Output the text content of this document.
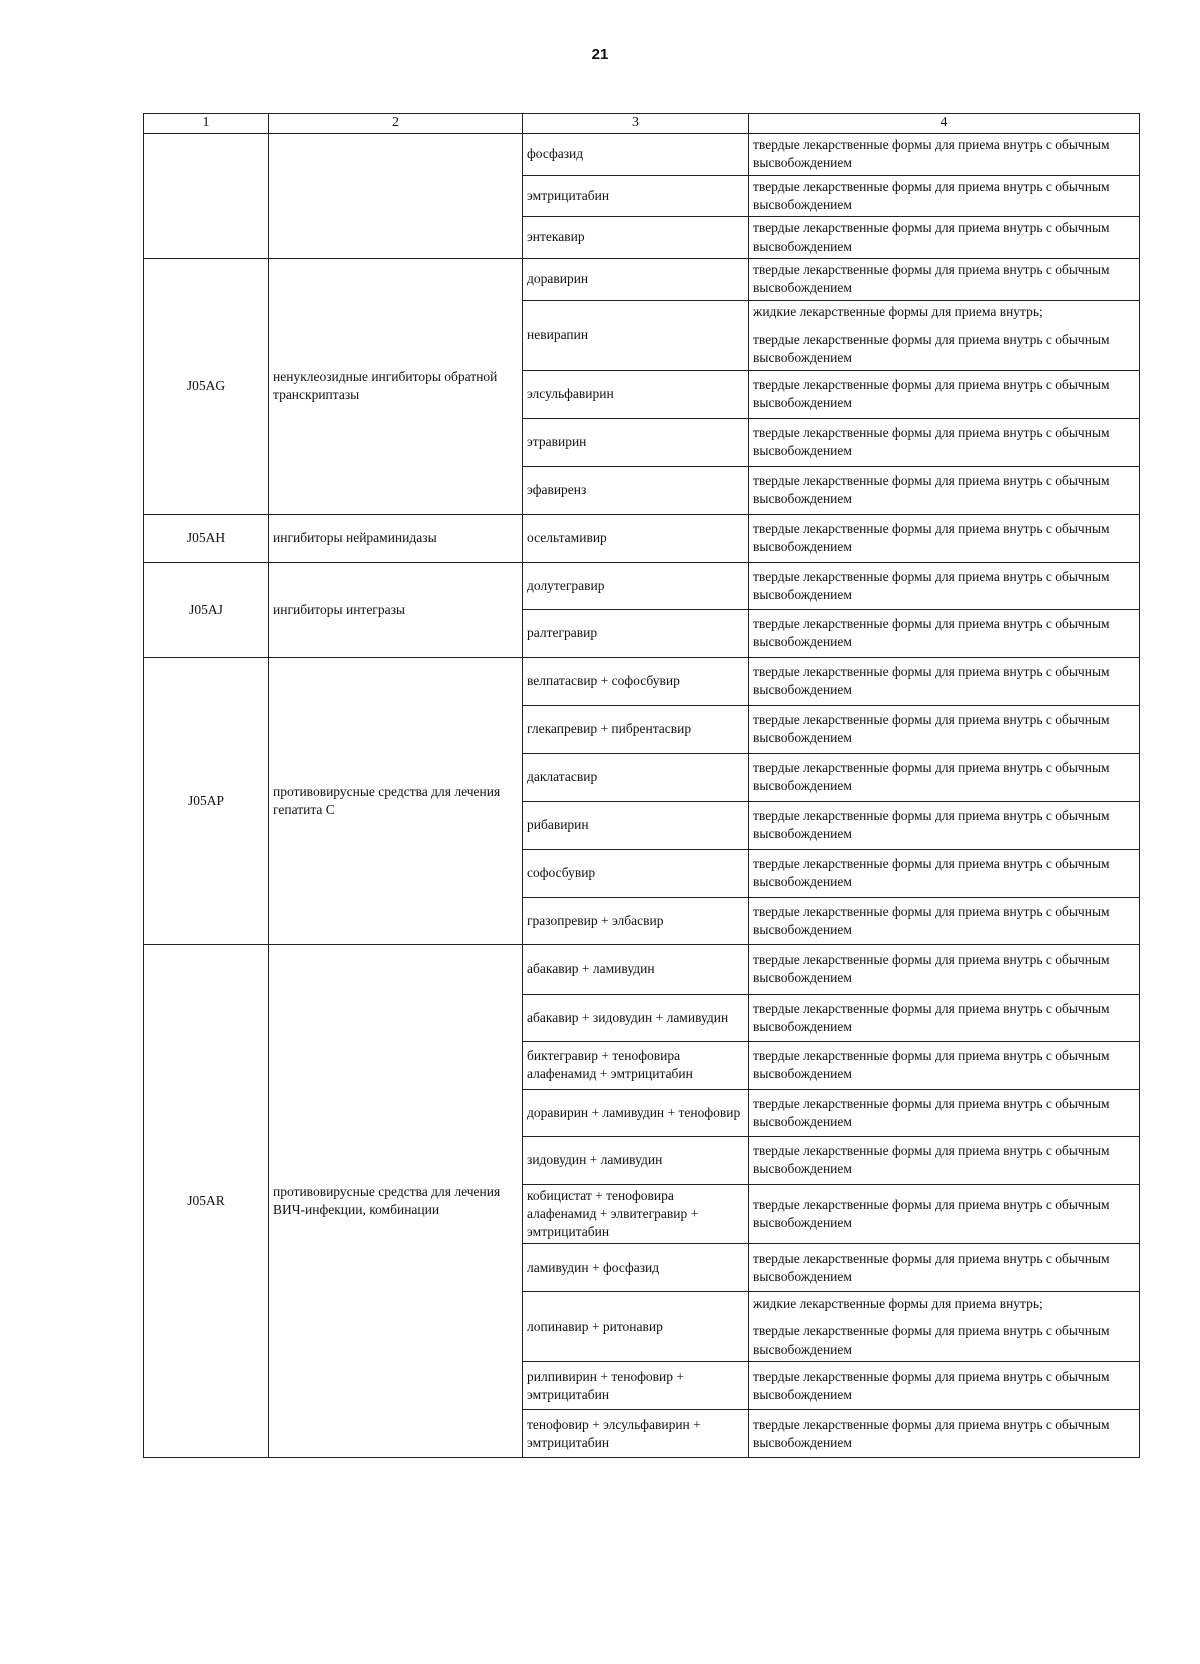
21
1	2	3	4
		фосфазид	твердые лекарственные формы для приема внутрь с обычным высвобождением

		эмтрицитабин	твердые лекарственные формы для приема внутрь с обычным высвобождением

		энтекавир	твердые лекарственные формы для приема внутрь с обычным высвобождением

J05AG	ненуклеозидные ингибиторы обратной транскриптазы	доравирин	твердые лекарственные формы для приема внутрь с обычным высвобождением

		невирапин	жидкие лекарственные формы для приема внутрь;
твердые лекарственные формы для приема внутрь с обычным высвобождением

		элсульфавирин	твердые лекарственные формы для приема внутрь с обычным высвобождением

		этравирин	твердые лекарственные формы для приема внутрь с обычным высвобождением

		эфавиренз	твердые лекарственные формы для приема внутрь с обычным высвобождением

J05AH	ингибиторы нейраминидазы	осельтамивир	твердые лекарственные формы для приема внутрь с обычным высвобождением

J05AJ	ингибиторы интегразы	долутегравир	твердые лекарственные формы для приема внутрь с обычным высвобождением

		ралтегравир	твердые лекарственные формы для приема внутрь с обычным высвобождением

J05AP	противовирусные средства для лечения гепатита С	велпатасвир + софосбувир	твердые лекарственные формы для приема внутрь с обычным высвобождением

		глекапревир + пибрентасвир	твердые лекарственные формы для приема внутрь с обычным высвобождением

		даклатасвир	твердые лекарственные формы для приема внутрь с обычным высвобождением

		рибавирин	твердые лекарственные формы для приема внутрь с обычным высвобождением

		софосбувир	твердые лекарственные формы для приема внутрь с обычным высвобождением

		гразопревир + элбасвир	твердые лекарственные формы для приема внутрь с обычным высвобождением

J05AR	противовирусные средства для лечения ВИЧ-инфекции, комбинации	абакавир + ламивудин	твердые лекарственные формы для приема внутрь с обычным высвобождением

		абакавир + зидовудин + ламивудин	твердые лекарственные формы для приема внутрь с обычным высвобождением

		биктегравир + тенофовира алафенамид + эмтрицитабин	твердые лекарственные формы для приема внутрь с обычным высвобождением

		доравирин + ламивудин + тенофовир	твердые лекарственные формы для приема внутрь с обычным высвобождением

		зидовудин + ламивудин	твердые лекарственные формы для приема внутрь с обычным высвобождением

		кобицистат + тенофовира алафенамид + элвитегравир + эмтрицитабин	твердые лекарственные формы для приема внутрь с обычным высвобождением

		ламивудин + фосфазид	твердые лекарственные формы для приема внутрь с обычным высвобождением

		лопинавир + ритонавир	жидкие лекарственные формы для приема внутрь;
твердые лекарственные формы для приема внутрь с обычным высвобождением

		рилпивирин + тенофовир + эмтрицитабин	твердые лекарственные формы для приема внутрь с обычным высвобождением

		тенофовир + элсульфавирин + эмтрицитабин	твердые лекарственные формы для приема внутрь с обычным высвобождением
